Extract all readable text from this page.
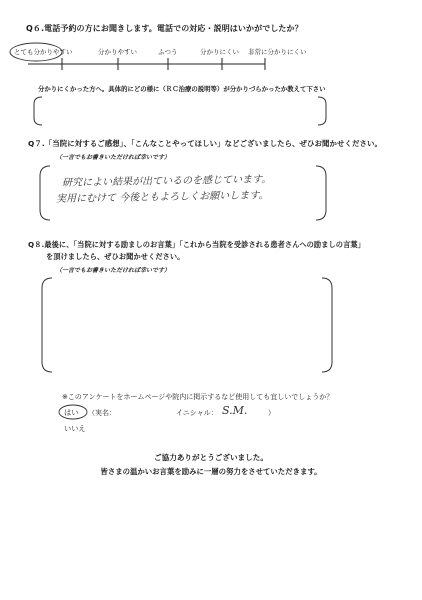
Q６.電話予約の方にお聞きします。電話での対応・説明はいかがでしたか？
とても分かりやすい	分かりやすい	ふつう	分かりにくい 非常に分かりにくい
分かりにくかった方へ。具体的にどの様に（ＲＣ治療の説明等）が分かりづらかったか教えて下さい
Q７.「当院に対するご感想」、「こんなことやってほしい」などございましたら、ぜひお聞かせください。
（一言でもお書きいただければ幸いです）
研究によい結果が出ているのを感じています。
実用にむけて 今後ともよろしくお願いします。
Q８.最後に、「当院に対する励ましのお言葉」「これから当院を受診される患者さんへの励ましの言葉」
を頂けましたら、ぜひお聞かせください。
（一言でもお書きいただければ幸いです）
※このアンケートをホームページや院内に掲示するなど使用しても宜しいでしょうか？
はい （実名：	イニシャル： S.M.	）
いいえ
ご協力ありがとうございました。
皆さまの温かいお言葉を励みに一層の努力をさせていただきます。
